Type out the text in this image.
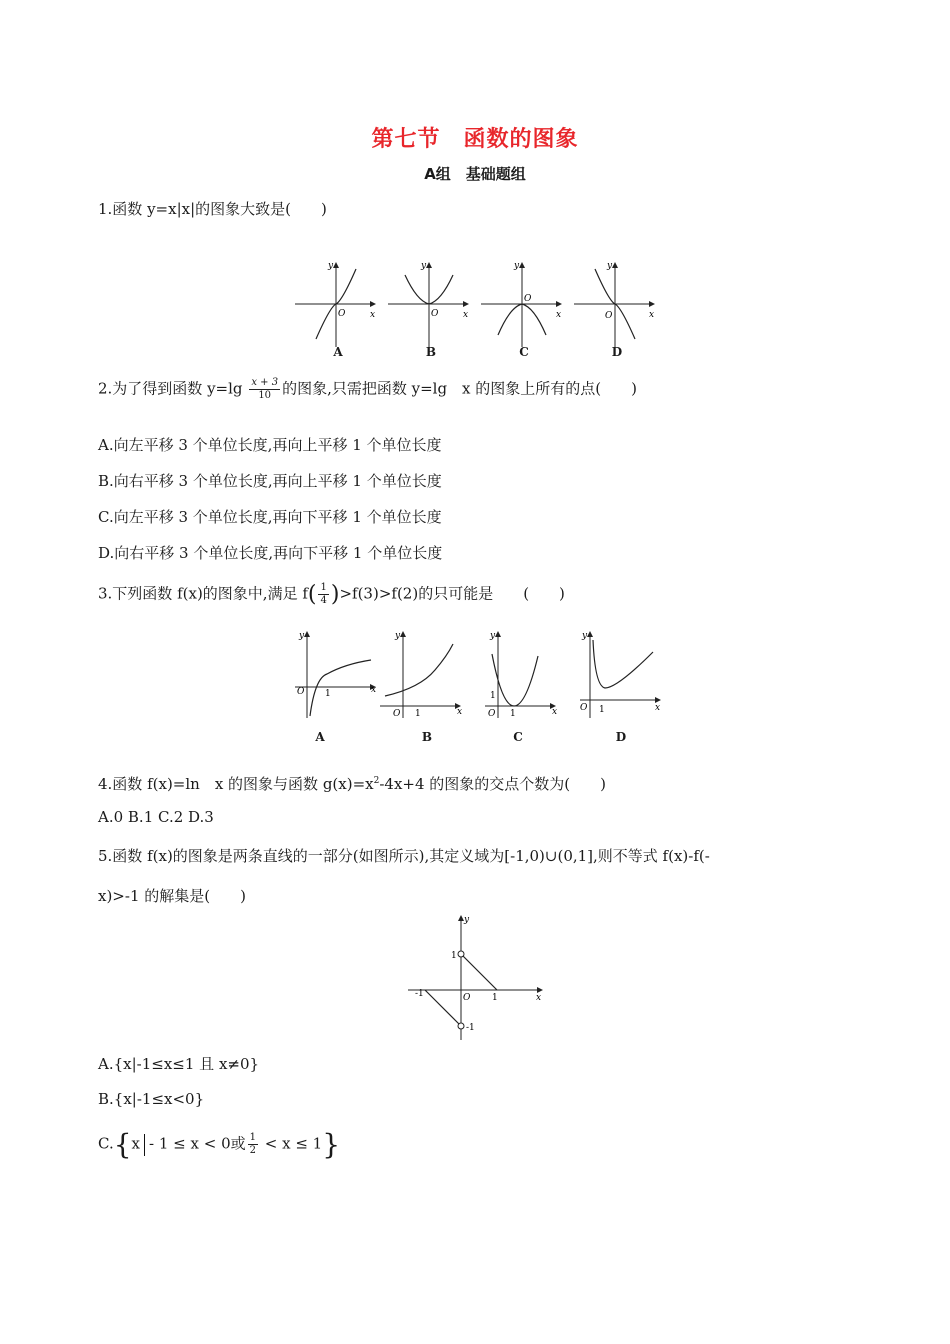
第七节　函数的图象
A组　基础题组
1.函数 y=x|x|的图象大致是(　　)
y
x
O
y
x
O
y
x
O
y
x
O
A	B	C	D
2.为了得到函数 $y=\lg \frac{x + 3}{10}$ 的图象,只需把函数 y=lg　x 的图象上所有的点(　　)
A.向左平移 3 个单位长度,再向上平移 1 个单位长度
B.向右平移 3 个单位长度,再向上平移 1 个单位长度
C.向左平移 3 个单位长度,再向下平移 1 个单位长度
D.向右平移 3 个单位长度,再向下平移 1 个单位长度
3.下列函数 f(x)的图象中,满足 $f( \frac{1}{4} )>f(3)>f(2)$的只可能是　　(　　)
y
x
O 1
y
x
O 1
y
x
O
1
1
y
x
O 1
A	B	C	D
4.函数 f(x)=ln　x 的图象与函数 $g(x)=x^2-4x+4$ 的图象的交点个数为(　　)
A.0 B.1 C.2 D.3
5.函数 f(x)的图象是两条直线的一部分(如图所示),其定义域为[-1,0)∪(0,1],则不等式 f(x)-f(-
x)>-1 的解集是(　　)
y
x
O 1
-1
1
-1
A.{x|-1≤x≤1 且 x≠0}
B.{x|-1≤x<0}
C.{x - 1 ≤ x < 0或 $\frac{1}{2} < x \le 1$}
